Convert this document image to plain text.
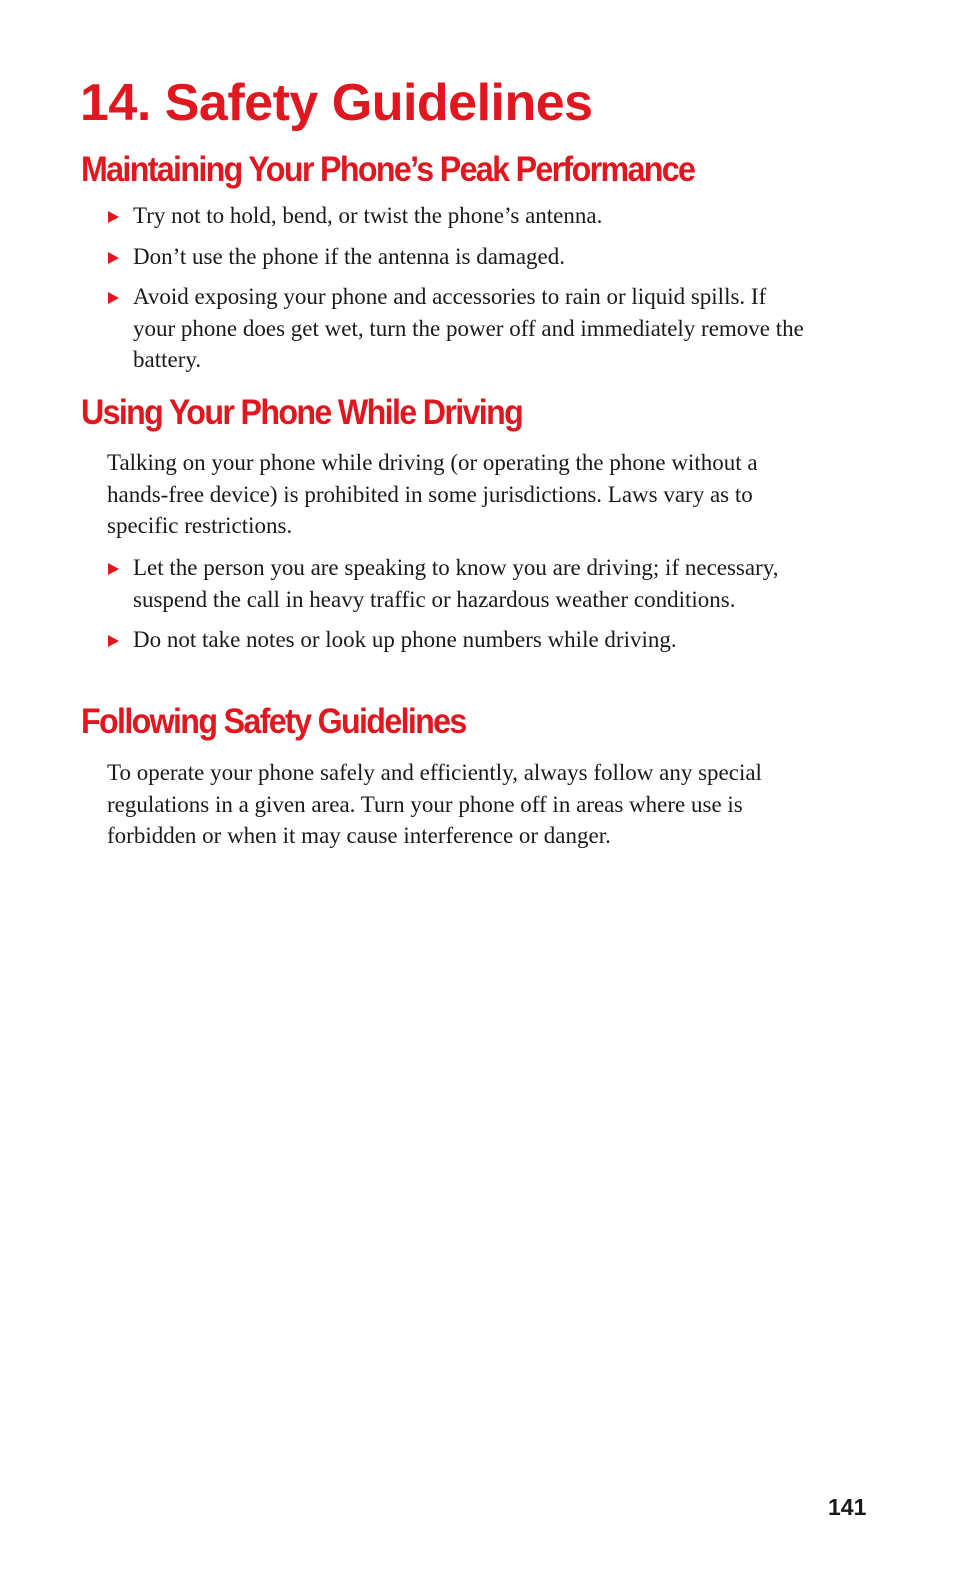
14. Safety Guidelines
Maintaining Your Phone’s Peak Performance
Try not to hold, bend, or twist the phone’s antenna.
Don’t use the phone if the antenna is damaged.
Avoid exposing your phone and accessories to rain or liquid spills. If your phone does get wet, turn the power off and immediately remove the battery.
Using Your Phone While Driving

Talking on your phone while driving (or operating the phone without a hands-free device) is prohibited in some jurisdictions. Laws vary as to specific restrictions.

Let the person you are speaking to know you are driving; if necessary, suspend the call in heavy traffic or hazardous weather conditions.
Do not take notes or look up phone numbers while driving.
Following Safety Guidelines

To operate your phone safely and efficiently, always follow any special regulations in a given area. Turn your phone off in areas where use is forbidden or when it may cause interference or danger.

141
